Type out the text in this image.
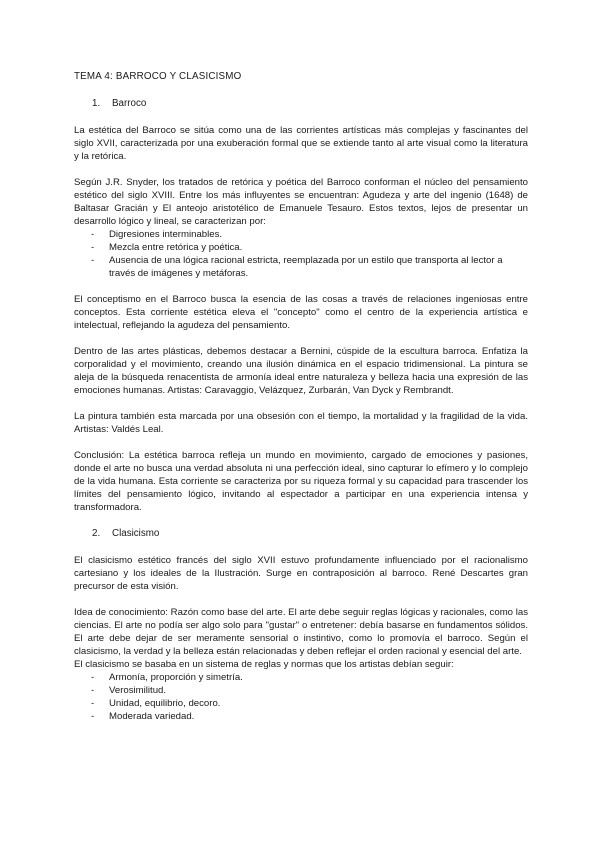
TEMA 4: BARROCO Y CLASICISMO
1.	Barroco

La estética del Barroco se sitúa como una de las corrientes artísticas más complejas y fascinantes del siglo XVII, caracterizada por una exuberación formal que se extiende tanto al arte visual como la literatura y la retórica.

Según J.R. Snyder, los tratados de retórica y poética del Barroco conforman el núcleo del pensamiento estético del siglo XVIII. Entre los más influyentes se encuentran: Agudeza y arte del ingenio (1648) de Baltasar Gracián y El anteojo aristotélico de Emanuele Tesauro. Estos textos, lejos de presentar un desarrollo lógico y lineal, se caracterizan por:

-	Digresiones interminables.
-	Mezcla entre retórica y poética.
-	Ausencia de una lógica racional estricta, reemplazada por un estilo que transporta al lector a través de imágenes y metáforas.

El conceptismo en el Barroco busca la esencia de las cosas a través de relaciones ingeniosas entre conceptos. Esta corriente estética eleva el "concepto" como el centro de la experiencia artística e intelectual, reflejando la agudeza del pensamiento.

Dentro de las artes plásticas, debemos destacar a Bernini, cúspide de la escultura barroca. Enfatiza la corporalidad y el movimiento, creando una ilusión dinámica en el espacio tridimensional. La pintura se aleja de la búsqueda renacentista de armonía ideal entre naturaleza y belleza hacia una expresión de las emociones humanas. Artistas: Caravaggio, Velázquez, Zurbarán, Van Dyck y Rembrandt.

La pintura también esta marcada por una obsesión con el tiempo, la mortalidad y la fragilidad de la vida. Artistas: Valdés Leal.

Conclusión: La estética barroca refleja un mundo en movimiento, cargado de emociones y pasiones, donde el arte no busca una verdad absoluta ni una perfección ideal, sino capturar lo efímero y lo complejo de la vida humana. Esta corriente se caracteriza por su riqueza formal y su capacidad para trascender los límites del pensamiento lógico, invitando al espectador a participar en una experiencia intensa y transformadora.

2.	Clasicismo

El clasicismo estético francés del siglo XVII estuvo profundamente influenciado por el racionalismo cartesiano y los ideales de la Ilustración. Surge en contraposición al barroco. René Descartes gran precursor de esta visión.

Idea de conocimiento: Razón como base del arte. El arte debe seguir reglas lógicas y racionales, como las ciencias. El arte no podía ser algo solo para "gustar" o entretener: debía basarse en fundamentos sólidos. El arte debe dejar de ser meramente sensorial o instintivo, como lo promovía el barroco. Según el clasicismo, la verdad y la belleza están relacionadas y deben reflejar el orden racional y esencial del arte.

El clasicismo se basaba en un sistema de reglas y normas que los artistas debían seguir:

-	Armonía, proporción y simetría.
-	Verosimilitud.
-	Unidad, equilibrio, decoro.
-	Moderada variedad.
